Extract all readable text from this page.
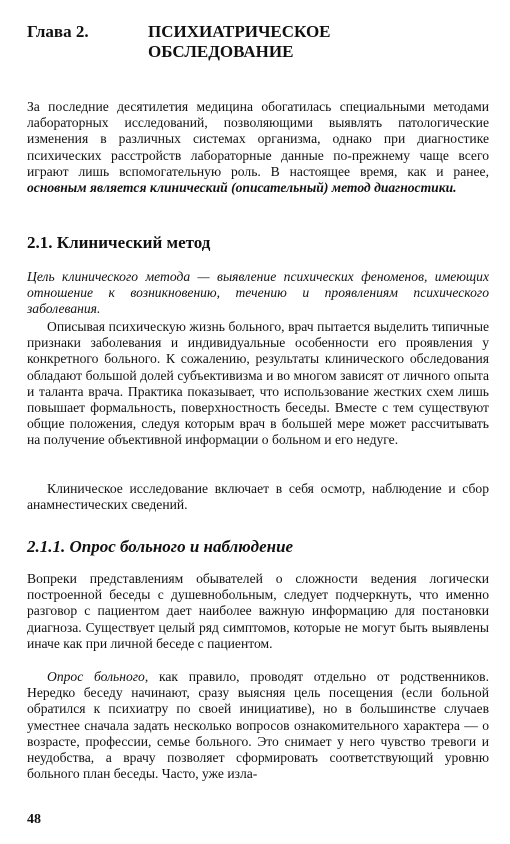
Глава 2.	ПСИХИАТРИЧЕСКОЕ
ОБСЛЕДОВАНИЕ

За последние десятилетия медицина обогатилась специальными методами лабораторных исследований, позволяющими выявлять патологические изменения в различных системах организма, однако при диагностике психических расстройств лабораторные данные по-прежнему чаще всего играют лишь вспомогательную роль. В настоящее время, как и ранее, основным является клинический (описательный) метод диагностики.

2.1. Клинический метод

Цель клинического метода — выявление психических феноменов, имеющих отношение к возникновению, течению и проявлениям психического заболевания.

Описывая психическую жизнь больного, врач пытается выделить типичные признаки заболевания и индивидуальные особенности его проявления у конкретного больного. К сожалению, результаты клинического обследования обладают большой долей субъективизма и во многом зависят от личного опыта и таланта врача. Практика показывает, что использование жестких схем лишь повышает формальность, поверхностность беседы. Вместе с тем существуют общие положения, следуя которым врач в большей мере может рассчитывать на получение объективной информации о больном и его недуге.

Клиническое исследование включает в себя осмотр, наблюдение и сбор анамнестических сведений.

2.1.1. Опрос больного и наблюдение

Вопреки представлениям обывателей о сложности ведения логически построенной беседы с душевнобольным, следует подчеркнуть, что именно разговор с пациентом дает наиболее важную информацию для постановки диагноза. Существует целый ряд симптомов, которые не могут быть выявлены иначе как при личной беседе с пациентом.

Опрос больного, как правило, проводят отдельно от родственников. Нередко беседу начинают, сразу выясняя цель посещения (если больной обратился к психиатру по своей инициативе), но в большинстве случаев уместнее сначала задать несколько вопросов ознакомительного характера — о возрасте, профессии, семье больного. Это снимает у него чувство тревоги и неудобства, а врачу позволяет сформировать соответствующий уровню больного план беседы. Часто, уже изла-

48
